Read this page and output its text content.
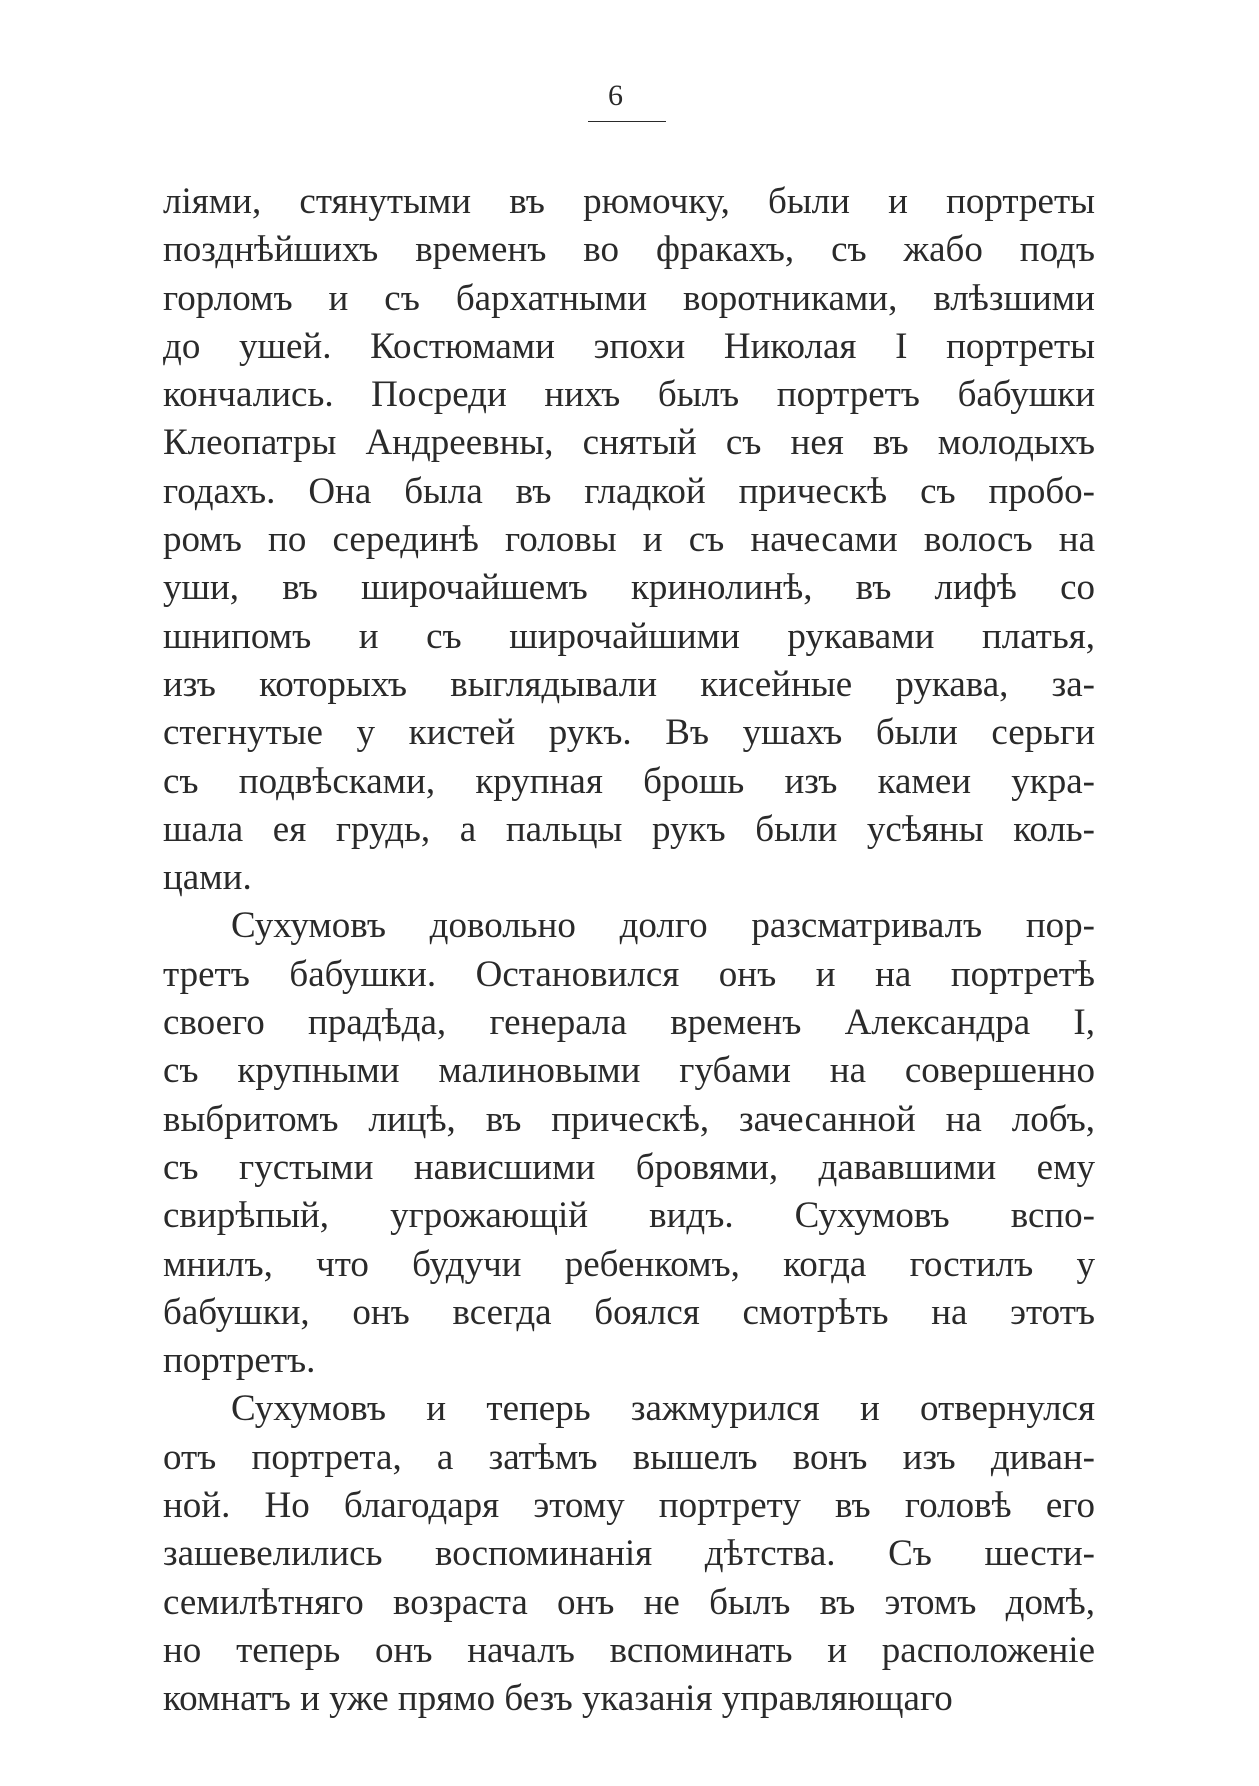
6
ліями, стянутыми въ рюмочку, были и портреты
позднѣйшихъ временъ во фракахъ, съ жабо подъ
горломъ и съ бархатными воротниками, влѣзшими
до ушей. Костюмами эпохи Николая I портреты
кончались. Посреди нихъ былъ портретъ бабушки
Клеопатры Андреевны, снятый съ нея въ молодыхъ
годахъ. Она была въ гладкой прическѣ съ пробо-
ромъ по серединѣ головы и съ начесами волосъ на
уши, въ широчайшемъ кринолинѣ, въ лифѣ со
шнипомъ и съ широчайшими рукавами платья,
изъ которыхъ выглядывали кисейные рукава, за-
стегнутые у кистей рукъ. Въ ушахъ были серьги
съ подвѣсками, крупная брошь изъ камеи укра-
шала ея грудь, а пальцы рукъ были усѣяны коль-
цами.
Сухумовъ довольно долго разсматривалъ пор-
третъ бабушки. Остановился онъ и на портретѣ
своего прадѣда, генерала временъ Александра I,
съ крупными малиновыми губами на совершенно
выбритомъ лицѣ, въ прическѣ, зачесанной на лобъ,
съ густыми нависшими бровями, дававшими ему
свирѣпый, угрожающій видъ. Сухумовъ вспо-
мнилъ, что будучи ребенкомъ, когда гостилъ у
бабушки, онъ всегда боялся смотрѣть на этотъ
портретъ.
Сухумовъ и теперь зажмурился и отвернулся
отъ портрета, а затѣмъ вышелъ вонъ изъ диван-
ной. Но благодаря этому портрету въ головѣ его
зашевелились воспоминанія дѣтства. Съ шести-
семилѣтняго возраста онъ не былъ въ этомъ домѣ,
но теперь онъ началъ вспоминать и расположеніе
комнатъ и уже прямо безъ указанія управляющаго
